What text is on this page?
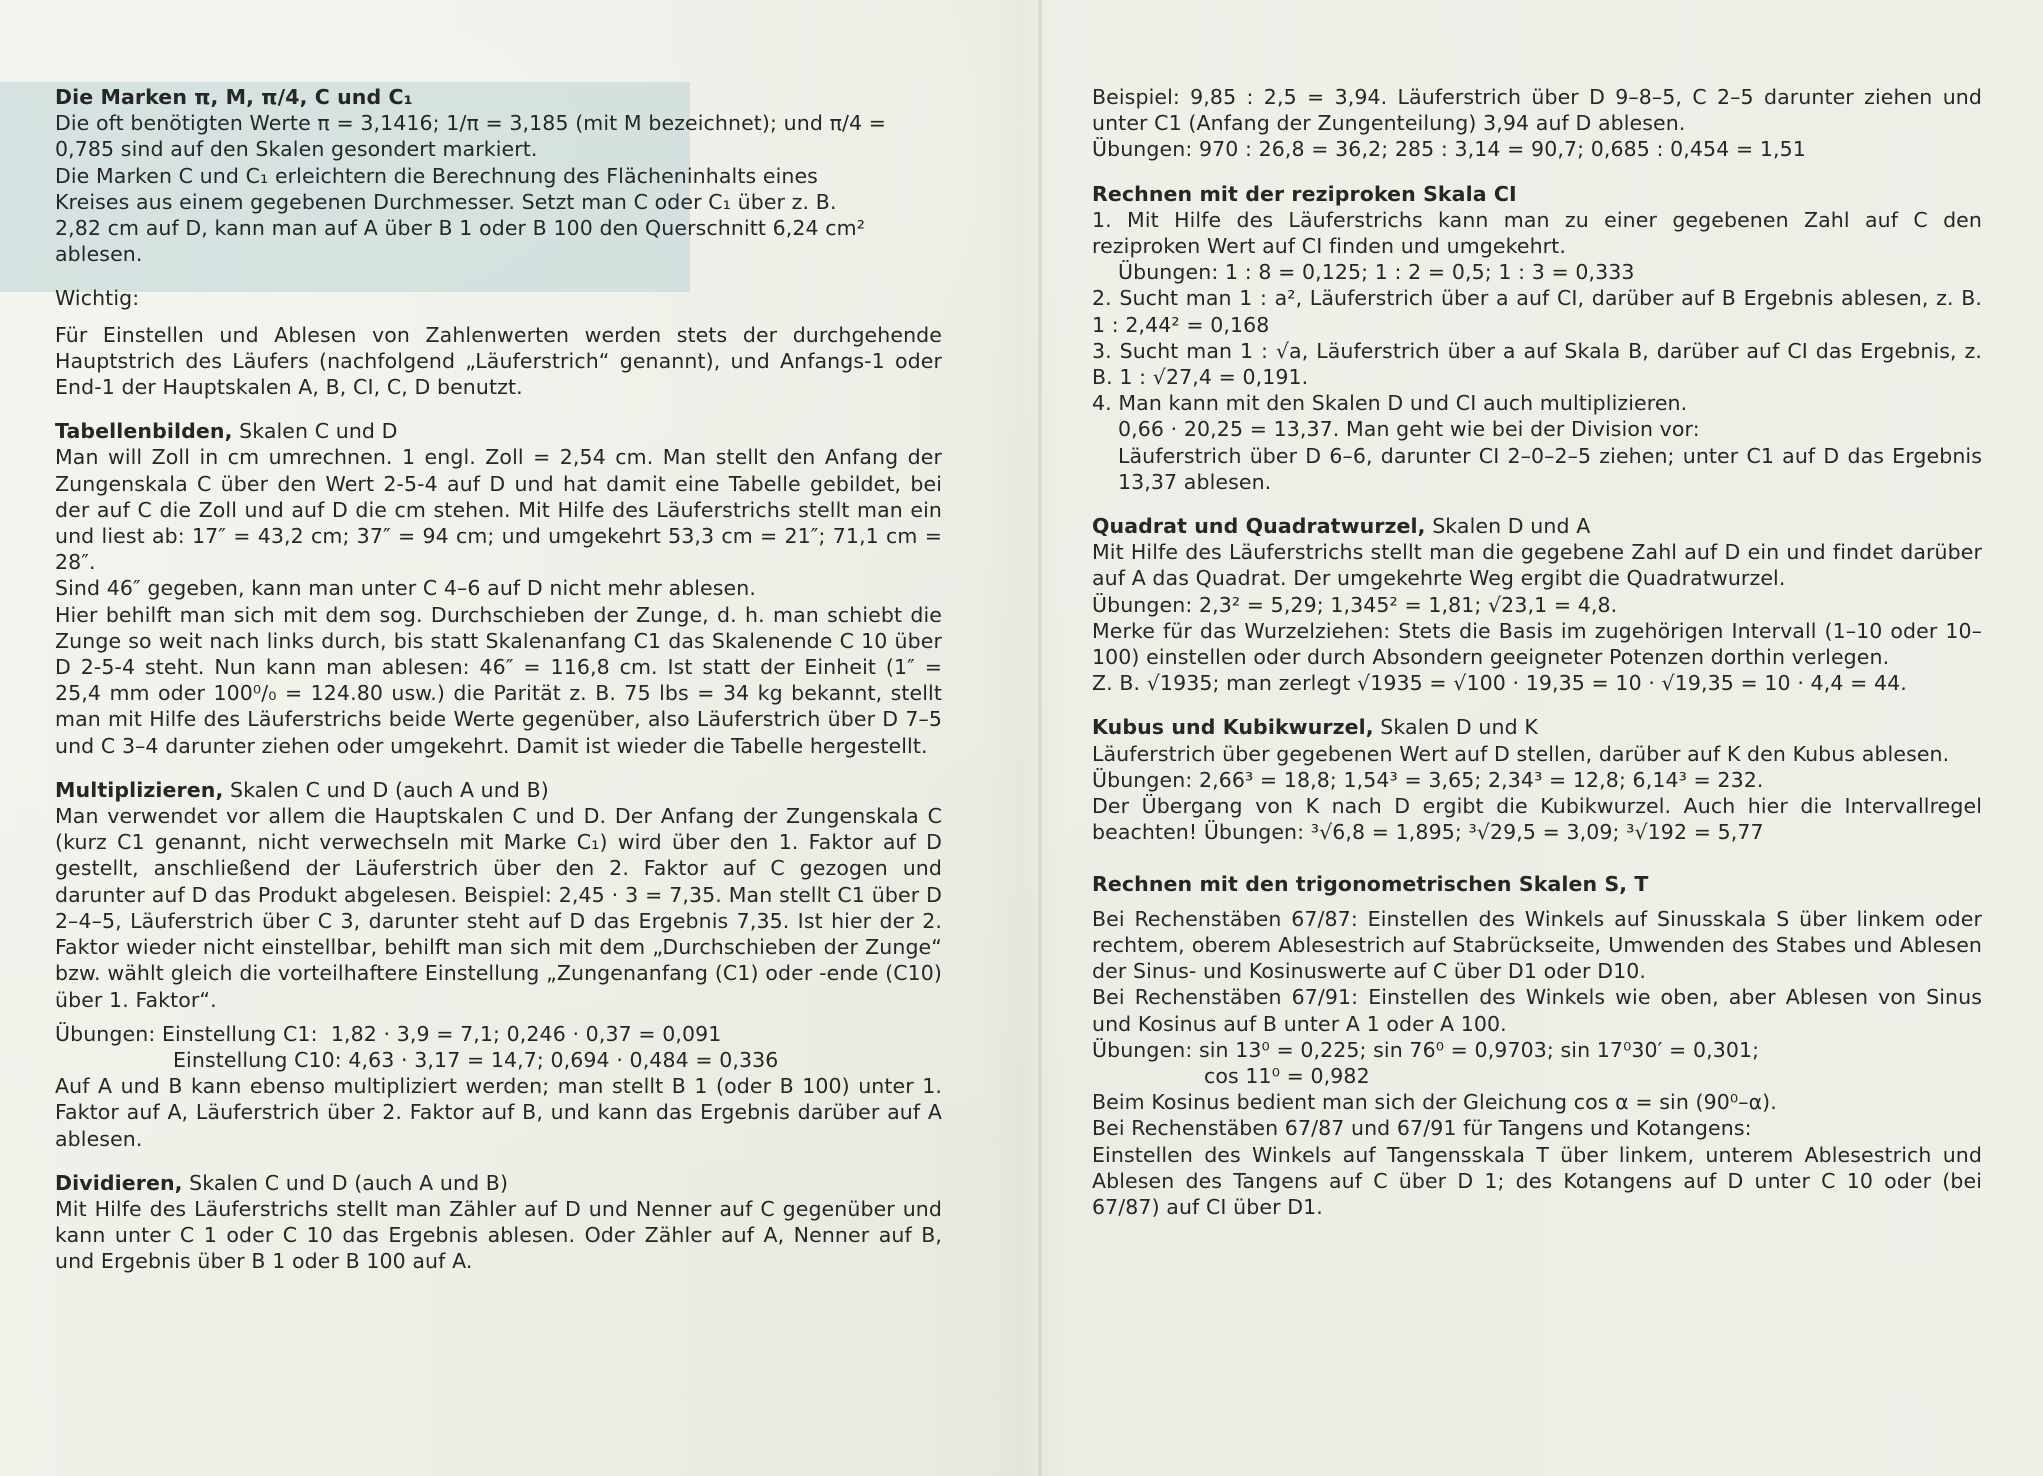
Die Marken π, M, π/4, C und C₁

Die oft benötigten Werte π = 3,1416; 1/π = 3,185 (mit M bezeichnet); und π/4 =

0,785 sind auf den Skalen gesondert markiert.

Die Marken C und C₁ erleichtern die Berechnung des Flächeninhalts eines

Kreises aus einem gegebenen Durchmesser. Setzt man C oder C₁ über z. B.

2,82 cm auf D, kann man auf A über B 1 oder B 100 den Querschnitt 6,24 cm²

ablesen.

Wichtig:

Für Einstellen und Ablesen von Zahlenwerten werden stets der durchgehende Hauptstrich des Läufers (nachfolgend „Läuferstrich“ genannt), und Anfangs-1 oder End-1 der Hauptskalen A, B, CI, C, D benutzt.

Tabellenbilden, Skalen C und D

Man will Zoll in cm umrechnen. 1 engl. Zoll = 2,54 cm. Man stellt den Anfang der Zungenskala C über den Wert 2-5-4 auf D und hat damit eine Tabelle gebildet, bei der auf C die Zoll und auf D die cm stehen. Mit Hilfe des Läuferstrichs stellt man ein und liest ab: 17″ = 43,2 cm; 37″ = 94 cm; und umgekehrt 53,3 cm = 21″; 71,1 cm = 28″.

Sind 46″ gegeben, kann man unter C 4–6 auf D nicht mehr ablesen.

Hier behilft man sich mit dem sog. Durchschieben der Zunge, d. h. man schiebt die Zunge so weit nach links durch, bis statt Skalenanfang C1 das Skalenende C 10 über D 2-5-4 steht. Nun kann man ablesen: 46″ = 116,8 cm. Ist statt der Einheit (1″ = 25,4 mm oder 100⁰/₀ = 124.80 usw.) die Parität z. B. 75 lbs = 34 kg bekannt, stellt man mit Hilfe des Läuferstrichs beide Werte gegenüber, also Läuferstrich über D 7–5 und C 3–4 darunter ziehen oder umgekehrt. Damit ist wieder die Tabelle hergestellt.

Multiplizieren, Skalen C und D (auch A und B)

Man verwendet vor allem die Hauptskalen C und D. Der Anfang der Zungenskala C (kurz C1 genannt, nicht verwechseln mit Marke C₁) wird über den 1. Faktor auf D gestellt, anschließend der Läuferstrich über den 2. Faktor auf C gezogen und darunter auf D das Produkt abgelesen. Beispiel: 2,45 · 3 = 7,35. Man stellt C1 über D 2–4–5, Läuferstrich über C 3, darunter steht auf D das Ergebnis 7,35. Ist hier der 2. Faktor wieder nicht einstellbar, behilft man sich mit dem „Durchschieben der Zunge“ bzw. wählt gleich die vorteilhaftere Einstellung „Zungenanfang (C1) oder -ende (C10) über 1. Faktor“.

Übungen: Einstellung C1:  1,82 · 3,9 = 7,1; 0,246 · 0,37 = 0,091

Einstellung C10: 4,63 · 3,17 = 14,7; 0,694 · 0,484 = 0,336

Auf A und B kann ebenso multipliziert werden; man stellt B 1 (oder B 100) unter 1. Faktor auf A, Läuferstrich über 2. Faktor auf B, und kann das Ergebnis darüber auf A ablesen.

Dividieren, Skalen C und D (auch A und B)

Mit Hilfe des Läuferstrichs stellt man Zähler auf D und Nenner auf C gegenüber und kann unter C 1 oder C 10 das Ergebnis ablesen. Oder Zähler auf A, Nenner auf B, und Ergebnis über B 1 oder B 100 auf A.

Beispiel: 9,85 : 2,5 = 3,94. Läuferstrich über D 9–8–5, C 2–5 darunter ziehen und unter C1 (Anfang der Zungenteilung) 3,94 auf D ablesen.

Übungen: 970 : 26,8 = 36,2; 285 : 3,14 = 90,7; 0,685 : 0,454 = 1,51

Rechnen mit der reziproken Skala CI

1. Mit Hilfe des Läuferstrichs kann man zu einer gegebenen Zahl auf C den reziproken Wert auf CI finden und umgekehrt.
Übungen: 1 : 8 = 0,125; 1 : 2 = 0,5; 1 : 3 = 0,333
2. Sucht man 1 : a², Läuferstrich über a auf CI, darüber auf B Ergebnis ablesen, z. B. 1 : 2,44² = 0,168
3. Sucht man 1 : √a, Läuferstrich über a auf Skala B, darüber auf CI das Ergebnis, z. B. 1 : √27,4 = 0,191.
4. Man kann mit den Skalen D und CI auch multiplizieren.
0,66 · 20,25 = 13,37. Man geht wie bei der Division vor:
Läuferstrich über D 6–6, darunter CI 2–0–2–5 ziehen; unter C1 auf D das Ergebnis 13,37 ablesen.

Quadrat und Quadratwurzel, Skalen D und A

Mit Hilfe des Läuferstrichs stellt man die gegebene Zahl auf D ein und findet darüber auf A das Quadrat. Der umgekehrte Weg ergibt die Quadratwurzel.

Übungen: 2,3² = 5,29; 1,345² = 1,81; √23,1 = 4,8.

Merke für das Wurzelziehen: Stets die Basis im zugehörigen Intervall (1–10 oder 10–100) einstellen oder durch Absondern geeigneter Potenzen dorthin verlegen.

Z. B. √1935; man zerlegt √1935 = √100 · 19,35 = 10 · √19,35 = 10 · 4,4 = 44.

Kubus und Kubikwurzel, Skalen D und K

Läuferstrich über gegebenen Wert auf D stellen, darüber auf K den Kubus ablesen.

Übungen: 2,66³ = 18,8; 1,54³ = 3,65; 2,34³ = 12,8; 6,14³ = 232.

Der Übergang von K nach D ergibt die Kubikwurzel. Auch hier die Intervallregel beachten! Übungen: ³√6,8 = 1,895; ³√29,5 = 3,09; ³√192 = 5,77

Rechnen mit den trigonometrischen Skalen S, T

Bei Rechenstäben 67/87: Einstellen des Winkels auf Sinusskala S über linkem oder rechtem, oberem Ablesestrich auf Stabrückseite, Umwenden des Stabes und Ablesen der Sinus- und Kosinuswerte auf C über D1 oder D10.

Bei Rechenstäben 67/91: Einstellen des Winkels wie oben, aber Ablesen von Sinus und Kosinus auf B unter A 1 oder A 100.

Übungen: sin 13⁰ = 0,225; sin 76⁰ = 0,9703; sin 17⁰30′ = 0,301;

cos 11⁰ = 0,982

Beim Kosinus bedient man sich der Gleichung cos α = sin (90⁰–α).

Bei Rechenstäben 67/87 und 67/91 für Tangens und Kotangens:

Einstellen des Winkels auf Tangensskala T über linkem, unterem Ablesestrich und Ablesen des Tangens auf C über D 1; des Kotangens auf D unter C 10 oder (bei 67/87) auf CI über D1.
